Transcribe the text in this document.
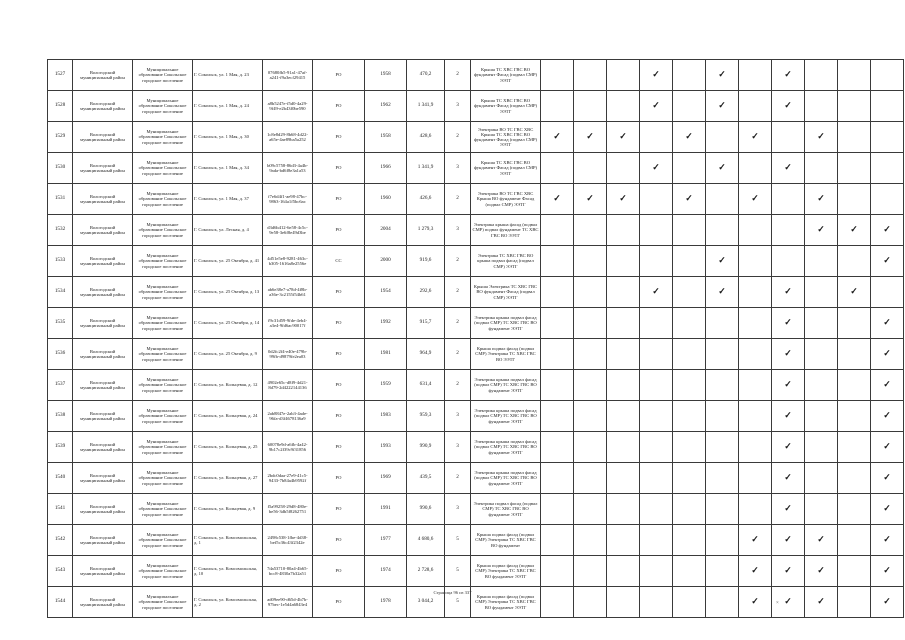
1527	Вологодский муниципальный район	Муниципальное образование Сокольское городское поселение	Г. Сокольск, ул. 1 Мая, д. 23	07680fb5-91a1-47af-a241-f9a3ecf29415	РО	1958	470,2	2	Крыша ТС ХВС ГВС ВО фундамент Фасад (подвал СМР) ЭЭТГ				✓		✓		✓			
1528	Вологодский муниципальный район	Муниципальное образование Сокольское городское поселение	Г. Сокольск, ул. 1 Мая, д. 24	a8b5247e-f5d0-4a29-9f49-e2b43f0be590	РО	1962	1 341,9	3	Крыша ТС ХВС ГВС ВО фундамент Фасад (подвал СМР) ЭЭТГ				✓		✓		✓			
1529	Вологодский муниципальный район	Муниципальное образование Сокольское городское поселение	Г. Сокольск, ул. 1 Мая, д. 30	1c8e8d29-8b68-4d22-a65e-4ae89ba5a252	РО	1958	428,6	2	Электрика ВО ТС ГВС ХВС Крыша ТС ХВС ГВС ВО фундамент Фасад (подвал СМР) ЭЭТГ	✓	✓	✓		✓		✓		✓		
1530	Вологодский муниципальный район	Муниципальное образование Сокольское городское поселение	Г. Сокольск, ул. 1 Мая, д. 34	b09c5758-86d3-4a4b-9ada-bd6f8e3a1a53	РО	1966	1 341,9	3	Крыша ТС ХВС ГВС ВО фундамент Фасад (подвал СМР) ЭЭТГ				✓		✓		✓			
1531	Вологодский муниципальный район	Муниципальное образование Сокольское городское поселение	Г. Сокольск, ул. 1 Мая, д. 37	f7e6d4f1-ae98-47bc-9863-164a1f5bc6ac	РО	1960	426,6	2	Электрика ВО ТС ГВС ХВС Крыша ВО фундамент Фасад (подвал СМР) ЭЭТГ	✓	✓	✓		✓		✓		✓		
1532	Вологодский муниципальный район	Муниципальное образование Сокольское городское поселение	Г. Сокольск, ул. Лесная, д. 4	d3d6b412-6e58-4c5c-9e58-3e6f8e49d3be	РО	2004	1 279,3	3	Электрика крыша фасад (подвал СМР) подвал фундамент ТС ХВС ГВС ВО ЭЭТГ									✓	✓	✓
1533	Вологодский муниципальный район	Муниципальное образование Сокольское городское поселение	Г. Сокольск, ул. 25 Октября, д. 41	4d51e5e8-9281-463c-b305-1616a8e2556e	СС	2000	919,6	2	Электрика ТС ХВС ГВС ВО крыша подвал фасад (подвал СМР) ЭЭТГ						✓					✓
1534	Вологодский муниципальный район	Муниципальное образование Сокольское городское поселение	Г. Сокольск, ул. 25 Октября, д. 13	ab6e38e7-a78d-4f8b-a36e-3c2155f54b61	РО	1954	292,6	2	Крыша Электрика ТС ХВС ГВС ВО фундамент Фасад (подвал СМР) ЭЭТГ				✓		✓		✓		✓	
1535	Вологодский муниципальный район	Муниципальное образование Сокольское городское поселение	Г. Сокольск, ул. 25 Октября, д. 14	f9c31d59-9fde-4eb4-a3e4-9fd6ac90017f	РО	1992	915,7	2	Электрика крыша подвал фасад (подвал СМР) ТС ХВС ГВС ВО фундамент ЭЭТГ								✓			✓
1536	Вологодский муниципальный район	Муниципальное образование Сокольское городское поселение	Г. Сокольск, ул. 25 Октября, д. 9	0d2fc2f4-e40e-479b-99fb-d9879fe2ea03	РО	1981	964,9	2	Крыша подвал фасад (подвал СМР) Электрика ТС ХВС ГВС ВО ЭЭТГ								✓			✓
1537	Вологодский муниципальный район	Муниципальное образование Сокольское городское поселение	Г. Сокольск, ул. Кольцевая, д. 12	4902e65c-d8f9-4d21-8d79-2d4222144136	РО	1959	631,4	2	Электрика крыша подвал фасад (подвал СМР) ТС ХВС ГВС ВО фундамент ЭЭТГ								✓			✓
1538	Вологодский муниципальный район	Муниципальное образование Сокольское городское поселение	Г. Сокольск, ул. Кольцевая, д. 24	2ab8847e-2ab3-4ade-96fa-d3f4678136a9	РО	1983	959,3	3	Электрика крыша подвал фасад (подвал СМР) ТС ХВС ГВС ВО фундамент ЭЭТГ								✓			✓
1539	Вологодский муниципальный район	Муниципальное образование Сокольское городское поселение	Г. Сокольск, ул. Кольцевая, д. 25	60078e9d-a6fb-4a42-9b17c2f39c9f31856	РО	1993	990,9	3	Электрика крыша подвал фасад (подвал СМР) ТС ХВС ГВС ВО фундамент ЭЭТГ								✓			✓
1540	Вологодский муниципальный район	Муниципальное образование Сокольское городское поселение	Г. Сокольск, ул. Кольцевая, д. 27	2bdc0daa-27e9-41c5-9433-7b84a4b9592f	РО	1969	439,5	2	Электрика крыша подвал фасад (подвал СМР) ТС ХВС ГВС ВО фундамент ЭЭТГ								✓			✓
1541	Вологодский муниципальный район	Муниципальное образование Сокольское городское поселение	Г. Сокольск, ул. Кольцевая, д. 9	f5a99258-29d8-480e-be56-3db5f8262751	РО	1991	990,6	3	Электрика подвал фасад (подвал СМР) ТС ХВС ГВС ВО фундамент ЭЭТГ								✓			✓
1542	Вологодский муниципальный район	Муниципальное образование Сокольское городское поселение	Г. Сокольск, ул. Комсомольская, д. 1	2498c538-1fbe-4d38-bef5c36c43f2342e	РО	1977	4 680,6	5	Крыша подвал фасад (подвал СМР) Электрика ТС ХВС ГВС ВО фундамент							✓	✓	✓		✓
1543	Вологодский муниципальный район	Муниципальное образование Сокольское городское поселение	Г. Сокольск, ул. Комсомольская, д. 10	7da53710-80a4-4b65-bcc8-4830a7b32a51	РО	1974	2 728,6	5	Крыша подвал фасад (подвал СМР) Электрика ТС ХВС ГВС ВО фундамент ЭЭТГ							✓	✓	✓		✓
1544	Вологодский муниципальный район	Муниципальное образование Сокольское городское поселение	Г. Сокольск, ул. Комсомольская, д. 2	ad09ee90-d65d-4b7b-97bec-1e5d4a6843e4	РО	1978	3 044,2	5	Крыша подвал фасад (подвал СМР) Электрика ТС ХВС ГВС ВО фундамент ЭЭТГ							✓	✓	✓		✓
Страница 96 из 337
×
